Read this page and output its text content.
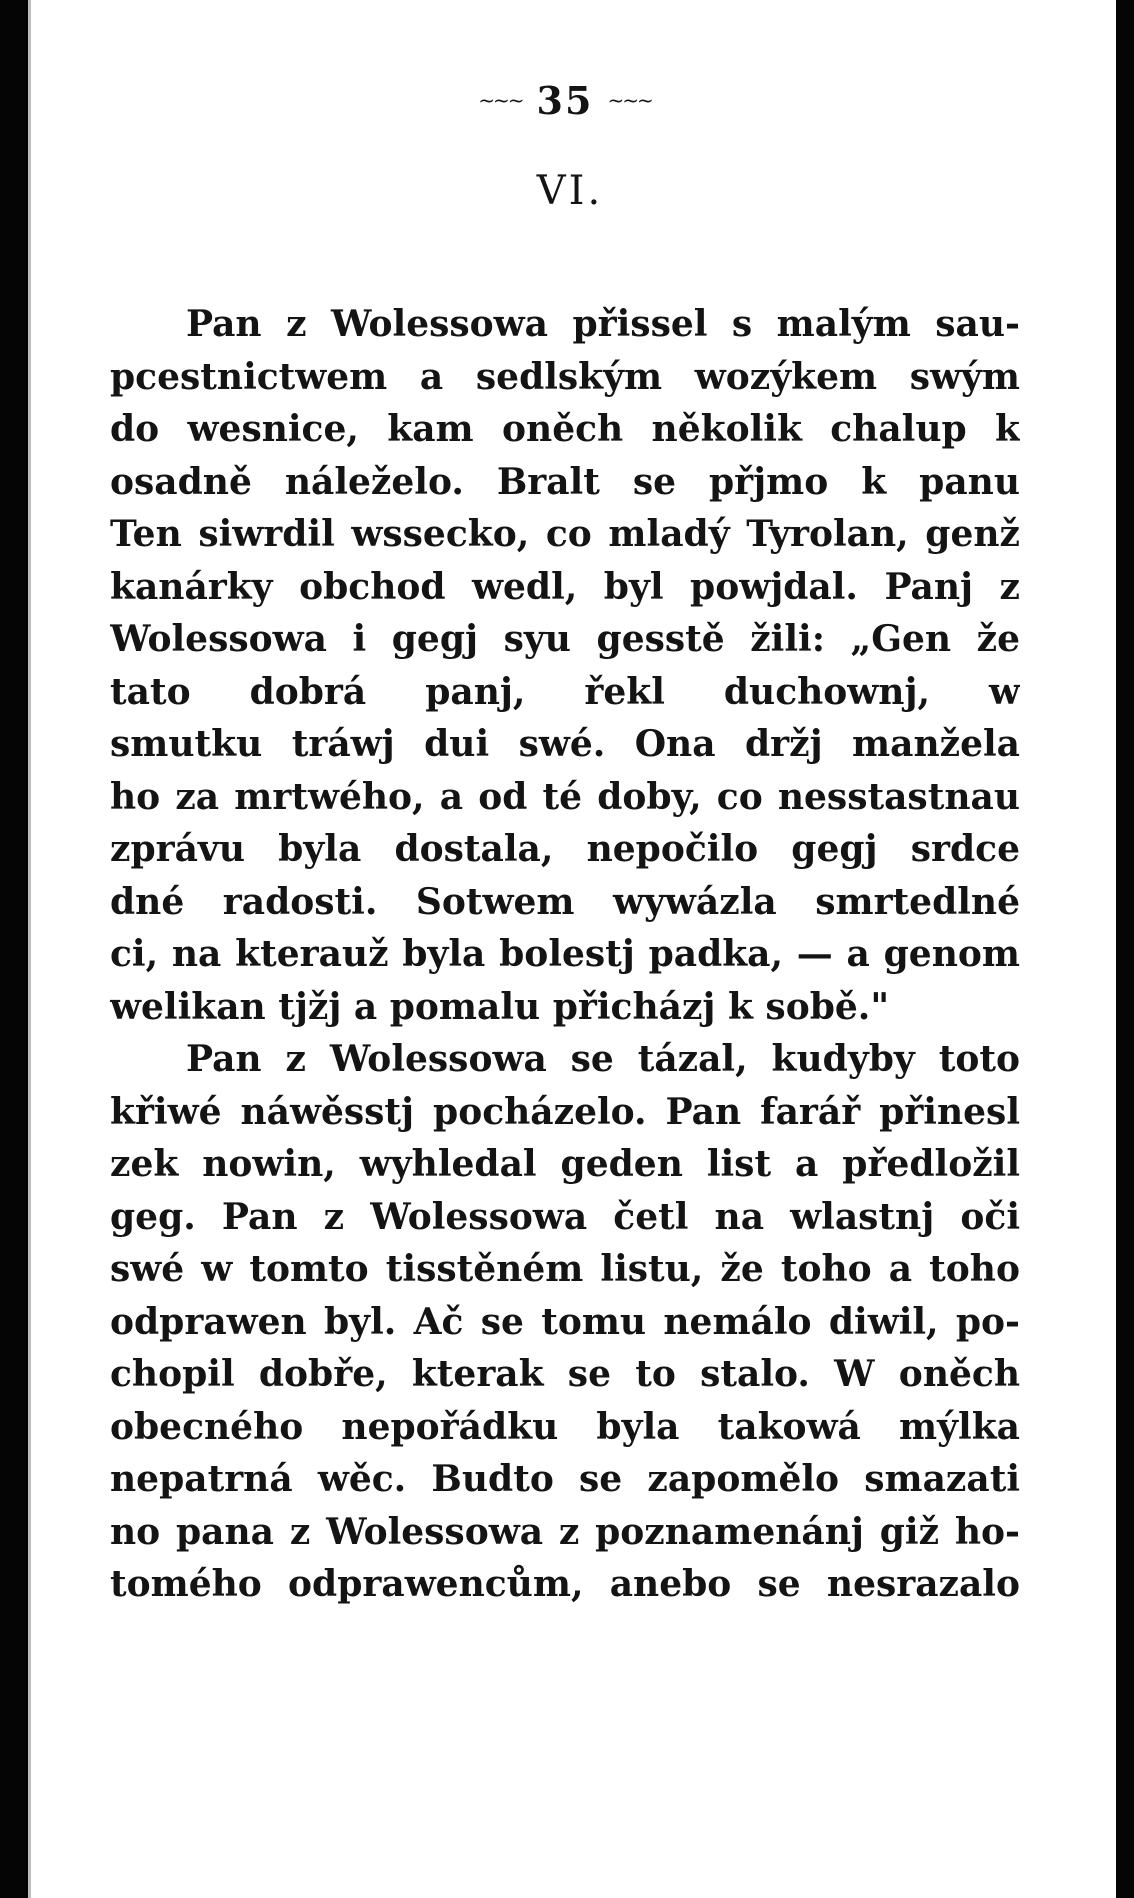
~~~ 35 ~~~
VI.
Pan z Wolessowa přissel s malým sau-
pcestnictwem a sedlským wozýkem swým
do wesnice, kam oněch několik chalup k
osadně náleželo. Bralt se přjmo k panu
Ten siwrdil wssecko, co mladý Tyrolan, genž
kanárky obchod wedl, byl powjdal. Panj z
Wolessowa i gegj syu gesstě žili: „Gen že
tato dobrá panj, řekl duchownj, w
smutku tráwj dui swé. Ona držj manžela
ho za mrtwého, a od té doby, co nesstastnau
zprávu byla dostala, nepočilo gegj srdce
dné radosti. Sotwem wywázla smrtedlné
ci, na kterauž byla bolestj padka, — a genom
welikan tjžj a pomalu přicházj k sobě."
Pan z Wolessowa se tázal, kudyby toto
křiwé náwěsstj pocházelo. Pan farář přinesl
zek nowin, wyhledal geden list a předložil
geg. Pan z Wolessowa četl na wlastnj oči
swé w tomto tisstěném listu, že toho a toho
odprawen byl. Ač se tomu nemálo diwil, po-
chopil dobře, kterak se to stalo. W oněch
obecného nepořádku byla takowá mýlka
nepatrná wěc. Budto se zapomělo smazati
no pana z Wolessowa z poznamenánj giž ho-
tomého odprawencům, anebo se nesrazalo
